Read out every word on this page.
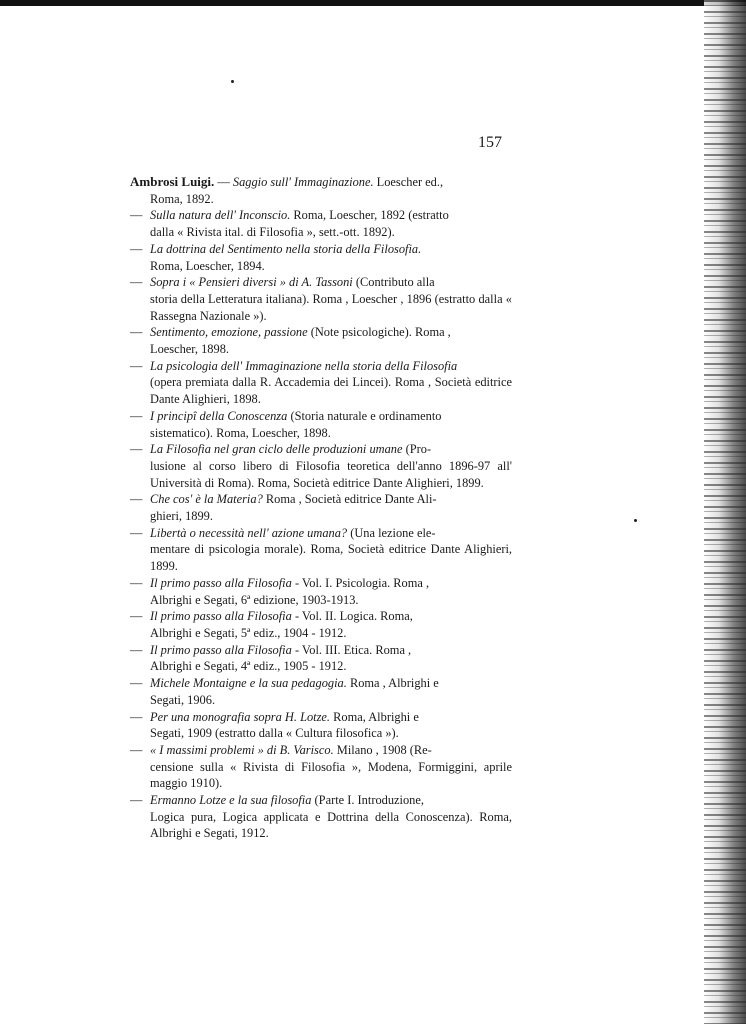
157
Ambrosi Luigi. — Saggio sull' Immaginazione. Loescher ed.,
Roma, 1892.
— Sulla natura dell' Inconscio. Roma, Loescher, 1892 (estratto
dalla « Rivista ital. di Filosofia », sett.-ott. 1892).
— La dottrina del Sentimento nella storia della Filosofia.
Roma, Loescher, 1894.
— Sopra i « Pensieri diversi » di A. Tassoni (Contributo alla
storia della Letteratura italiana). Roma , Loescher , 1896 (estratto dalla « Rassegna Nazionale »).
— Sentimento, emozione, passione (Note psicologiche). Roma ,
Loescher, 1898.
— La psicologia dell' Immaginazione nella storia della Filosofia
(opera premiata dalla R. Accademia dei Lincei). Roma , Società editrice Dante Alighieri, 1898.
— I principî della Conoscenza (Storia naturale e ordinamento
sistematico). Roma, Loescher, 1898.
— La Filosofia nel gran ciclo delle produzioni umane (Pro-
lusione al corso libero di Filosofia teoretica dell'anno 1896-97 all' Università di Roma). Roma, Società editrice Dante Alighieri, 1899.
— Che cos' è la Materia? Roma , Società editrice Dante Ali-
ghieri, 1899.
— Libertà o necessità nell' azione umana? (Una lezione ele-
mentare di psicologia morale). Roma, Società editrice Dante Alighieri, 1899.
— Il primo passo alla Filosofia - Vol. I. Psicologia. Roma ,
Albrighi e Segati, 6ª edizione, 1903-1913.
— Il primo passo alla Filosofia - Vol. II. Logica. Roma,
Albrighi e Segati, 5ª ediz., 1904 - 1912.
— Il primo passo alla Filosofia - Vol. III. Etica. Roma ,
Albrighi e Segati, 4ª ediz., 1905 - 1912.
— Michele Montaigne e la sua pedagogia. Roma , Albrighi e
Segati, 1906.
— Per una monografia sopra H. Lotze. Roma, Albrighi e
Segati, 1909 (estratto dalla « Cultura filosofica »).
— « I massimi problemi » di B. Varisco. Milano , 1908 (Re-
censione sulla « Rivista di Filosofia », Modena, Formiggini, aprile maggio 1910).
— Ermanno Lotze e la sua filosofia (Parte I. Introduzione,
Logica pura, Logica applicata e Dottrina della Conoscenza). Roma, Albrighi e Segati, 1912.
